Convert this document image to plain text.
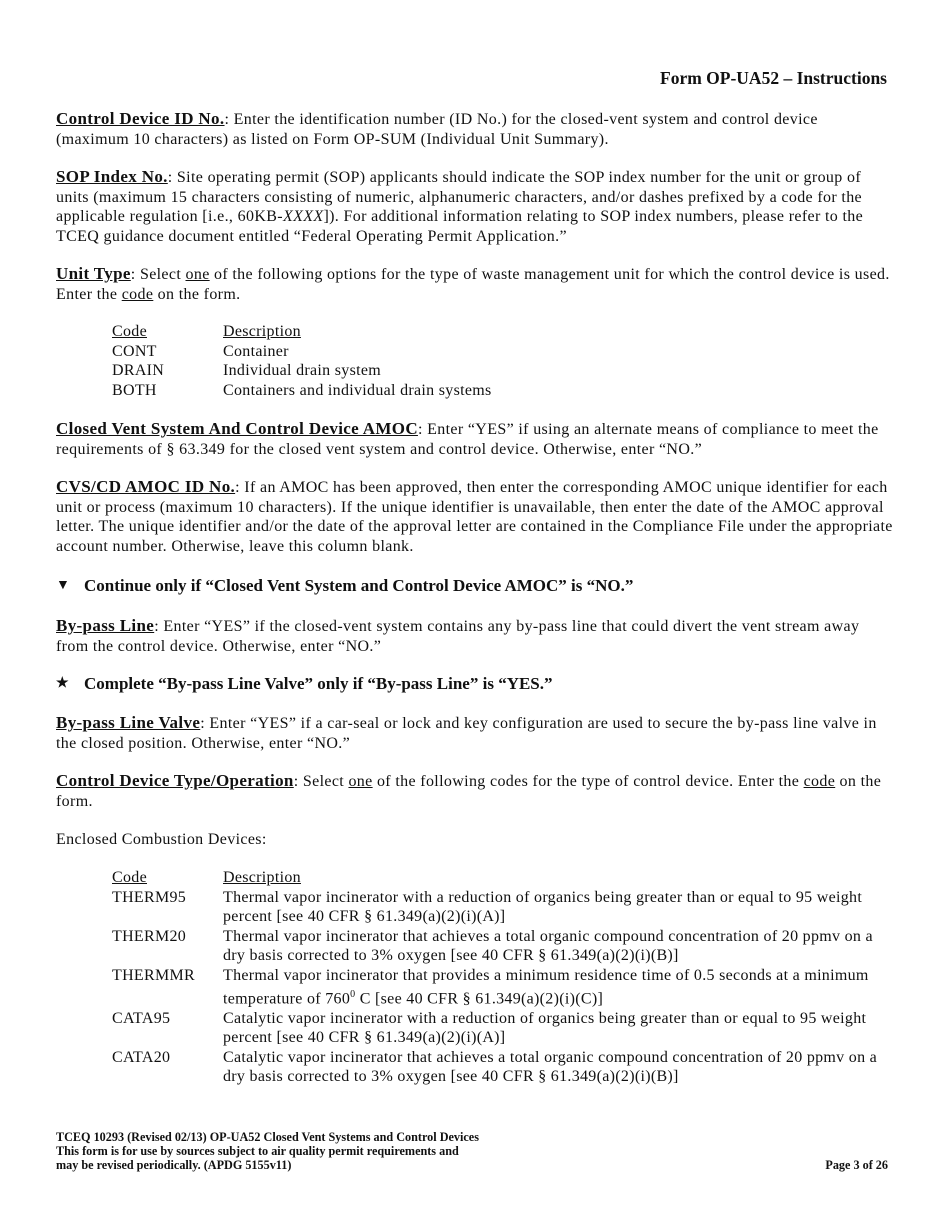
Form OP-UA52 – Instructions
Control Device ID No.: Enter the identification number (ID No.) for the closed-vent system and control device (maximum 10 characters) as listed on Form OP-SUM (Individual Unit Summary).
SOP Index No.: Site operating permit (SOP) applicants should indicate the SOP index number for the unit or group of units (maximum 15 characters consisting of numeric, alphanumeric characters, and/or dashes prefixed by a code for the applicable regulation [i.e., 60KB-XXXX]). For additional information relating to SOP index numbers, please refer to the TCEQ guidance document entitled “Federal Operating Permit Application.”
Unit Type: Select one of the following options for the type of waste management unit for which the control device is used. Enter the code on the form.
Code	Description
CONT	Container
DRAIN	Individual drain system
BOTH	Containers and individual drain systems
Closed Vent System And Control Device AMOC: Enter “YES” if using an alternate means of compliance to meet the requirements of § 63.349 for the closed vent system and control device. Otherwise, enter “NO.”
CVS/CD AMOC ID No.: If an AMOC has been approved, then enter the corresponding AMOC unique identifier for each unit or process (maximum 10 characters). If the unique identifier is unavailable, then enter the date of the AMOC approval letter. The unique identifier and/or the date of the approval letter are contained in the Compliance File under the appropriate account number. Otherwise, leave this column blank.
▼ Continue only if “Closed Vent System and Control Device AMOC” is “NO.”
By-pass Line: Enter “YES” if the closed-vent system contains any by-pass line that could divert the vent stream away from the control device. Otherwise, enter “NO.”
★ Complete “By-pass Line Valve” only if “By-pass Line” is “YES.”
By-pass Line Valve: Enter “YES” if a car-seal or lock and key configuration are used to secure the by-pass line valve in the closed position. Otherwise, enter “NO.”
Control Device Type/Operation: Select one of the following codes for the type of control device. Enter the code on the form.
Enclosed Combustion Devices:
Code	Description
THERM95	Thermal vapor incinerator with a reduction of organics being greater than or equal to 95 weight percent [see 40 CFR § 61.349(a)(2)(i)(A)]
THERM20	Thermal vapor incinerator that achieves a total organic compound concentration of 20 ppmv on a dry basis corrected to 3% oxygen [see 40 CFR § 61.349(a)(2)(i)(B)]
THERMMR	Thermal vapor incinerator that provides a minimum residence time of 0.5 seconds at a minimum temperature of $760^0$ C [see 40 CFR § 61.349(a)(2)(i)(C)]
CATA95	Catalytic vapor incinerator with a reduction of organics being greater than or equal to 95 weight percent [see 40 CFR § 61.349(a)(2)(i)(A)]
CATA20	Catalytic vapor incinerator that achieves a total organic compound concentration of 20 ppmv on a dry basis corrected to 3% oxygen [see 40 CFR § 61.349(a)(2)(i)(B)]
TCEQ 10293 (Revised 02/13) OP-UA52 Closed Vent Systems and Control Devices
This form is for use by sources subject to air quality permit requirements and
may be revised periodically. (APDG 5155v11)	Page 3 of 26
